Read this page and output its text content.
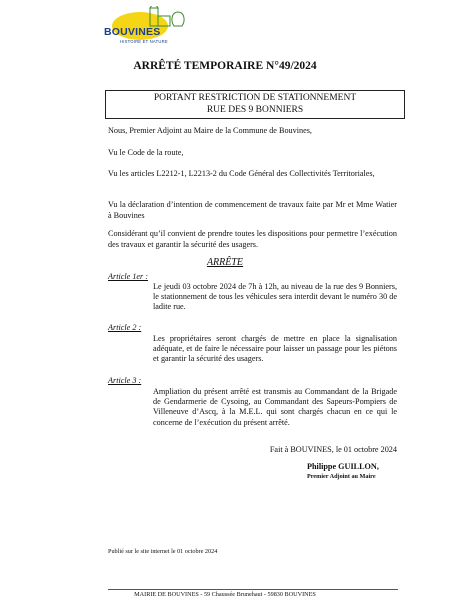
BOUVINES
HISTOIRE ET NATURE
ARRÊTÉ TEMPORAIRE N°49/2024
PORTANT RESTRICTION DE STATIONNEMENT
RUE DES 9 BONNIERS
Nous, Premier Adjoint au Maire de la Commune de Bouvines,
Vu le Code de la route,
Vu les articles L2212-1, L2213-2 du Code Général des Collectivités Territoriales,
Vu la déclaration d’intention de commencement de travaux faite par Mr et Mme Watier à Bouvines
Considérant qu’il convient de prendre toutes les dispositions pour permettre l’exécution des travaux et garantir la sécurité des usagers.
ARRÊTE
Article 1er :
Le jeudi 03 octobre 2024 de 7h à 12h, au niveau de la rue des 9 Bonniers, le stationnement de tous les véhicules sera interdit devant le numéro 30 de ladite rue.
Article 2 :
Les propriétaires seront chargés de mettre en place la signalisation adéquate, et de faire le nécessaire pour laisser un passage pour les piétons et garantir la sécurité des usagers.
Article 3 :
Ampliation du présent arrêté est transmis au Commandant de la Brigade de Gendarmerie de Cysoing, au Commandant des Sapeurs-Pompiers de Villeneuve d’Ascq, à la M.E.L. qui sont chargés chacun en ce qui le concerne de l’exécution du présent arrêté.
Fait à BOUVINES, le 01 octobre 2024
Philippe GUILLON,
Premier Adjoint au Maire
Publié sur le site internet le 01 octobre 2024
MAIRIE DE BOUVINES - 59 Chaussée Brunehaut - 59830 BOUVINES
